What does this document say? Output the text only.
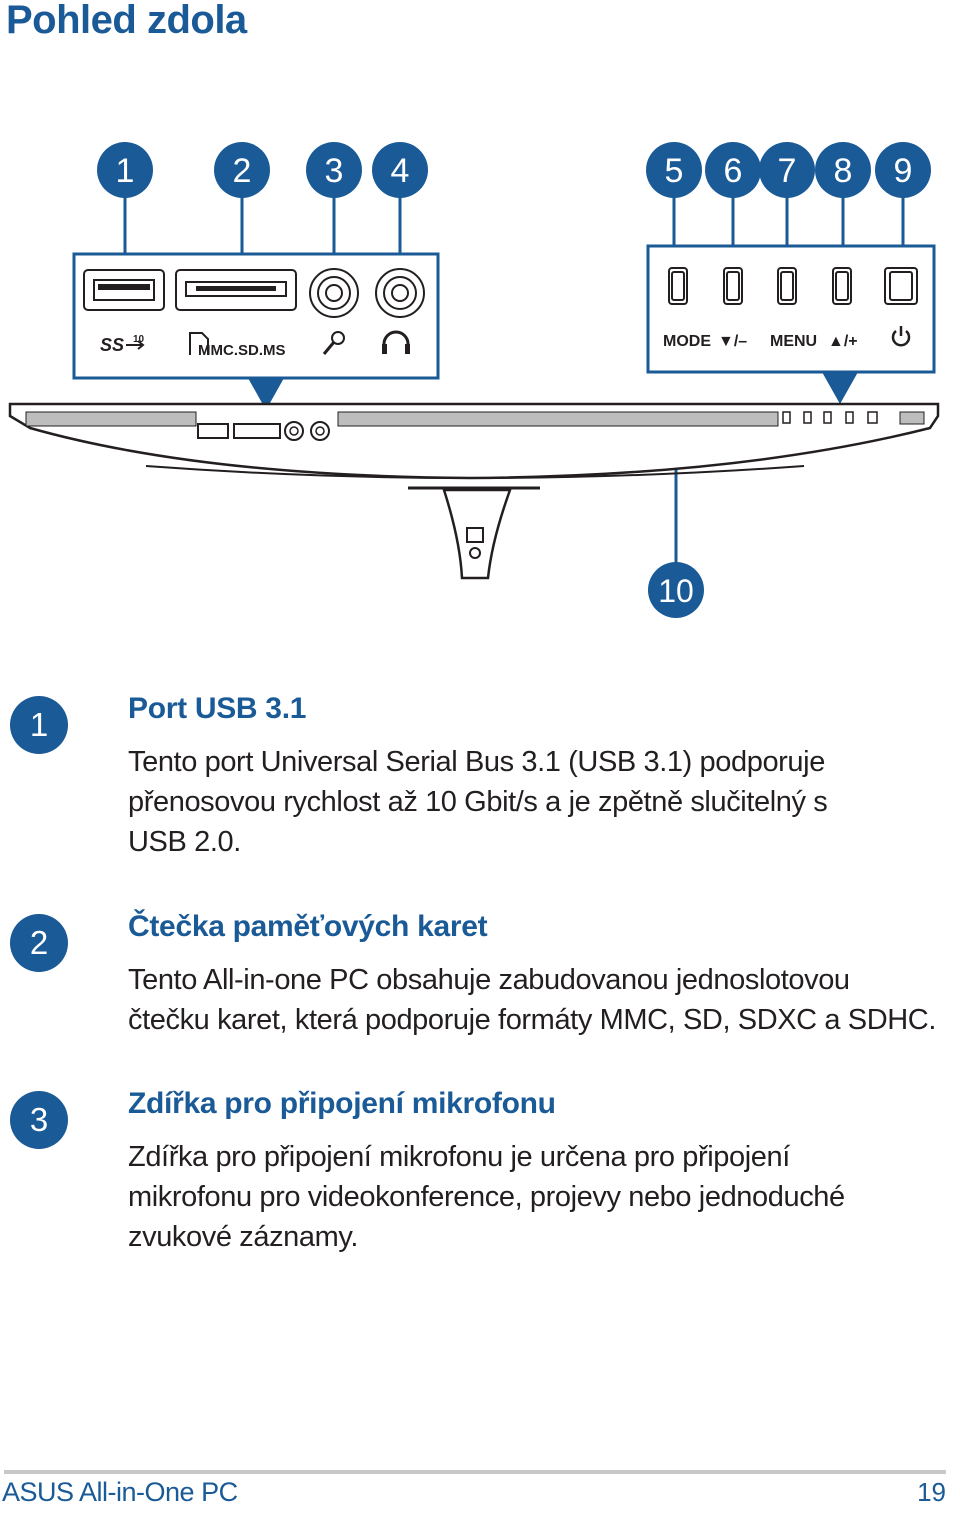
Pohled zdola
1	2 3 4	5 6 7 8 9
10
SS 10
MMC.SD.MS
MODE ▼/– MENU ▲/+
1	Port USB 3.1
Tento port Universal Serial Bus 3.1 (USB 3.1) podporuje
přenosovou rychlost až 10 Gbit/s a je zpětně slučitelný s
USB 2.0.
2	Čtečka paměťových karet
Tento All-in-one PC obsahuje zabudovanou jednoslotovou
čtečku karet, která podporuje formáty MMC, SD, SDXC a SDHC.
3	Zdířka pro připojení mikrofonu
Zdířka pro připojení mikrofonu je určena pro připojení
mikrofonu pro videokonference, projevy nebo jednoduché
zvukové záznamy.
ASUS All-in-One PC	19
